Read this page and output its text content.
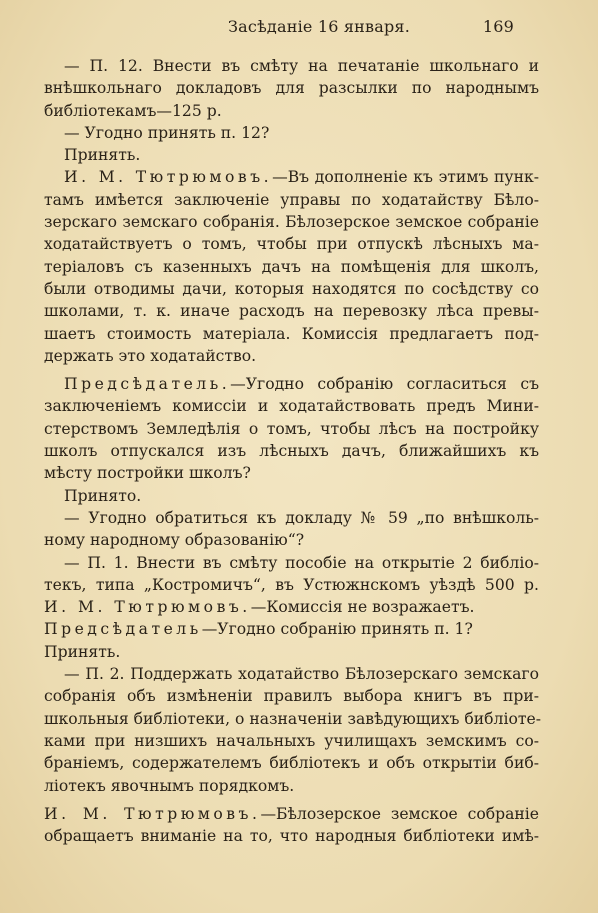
Засѣданіе 16 января.	169
— П. 12. Внести въ смѣту на печатаніе школьнаго и
внѣшкольнаго докладовъ для разсылки по народнымъ
библіотекамъ—125 р.
— Угодно принять п. 12?
Принять.
И. М. Тютрюмовъ.—Въ дополненіе къ этимъ пунк-
тамъ имѣется заключеніе управы по ходатайству Бѣло-
зерскаго земскаго собранія. Бѣлозерское земское собраніе
ходатайствуетъ о томъ, чтобы при отпускѣ лѣсныхъ ма-
теріаловъ съ казенныхъ дачъ на помѣщенія для школъ,
были отводимы дачи, которыя находятся по сосѣдству со
школами, т. к. иначе расходъ на перевозку лѣса превы-
шаетъ стоимость матеріала. Комиссія предлагаетъ под-
держать это ходатайство.
Предсѣдатель.—Угодно собранію согласиться съ
заключеніемъ комиссіи и ходатайствовать предъ Мини-
стерствомъ Земледѣлія о томъ, чтобы лѣсъ на постройку
школъ отпускался изъ лѣсныхъ дачъ, ближайшихъ къ
мѣсту постройки школъ?
Принято.
— Угодно обратиться къ докладу № 59 „по внѣшколь-
ному народному образованію“?
— П. 1. Внести въ смѣту пособіе на открытіе 2 библіо-
текъ, типа „Костромичъ“, въ Устюжнскомъ уѣздѣ 500 р.
И. М. Тютрюмовъ.—Комиссія не возражаетъ.
Предсѣдатель—Угодно собранію принять п. 1?
Принять.
— П. 2. Поддержать ходатайство Бѣлозерскаго земскаго
собранія объ измѣненіи правилъ выбора книгъ въ при-
школьныя библіотеки, о назначеніи завѣдующихъ библіоте-
ками при низшихъ начальныхъ училищахъ земскимъ со-
браніемъ, содержателемъ библіотекъ и объ открытіи биб-
ліотекъ явочнымъ порядкомъ.
И. М. Тютрюмовъ.—Бѣлозерское земское собраніе
обращаетъ вниманіе на то, что народныя библіотеки имѣ-
